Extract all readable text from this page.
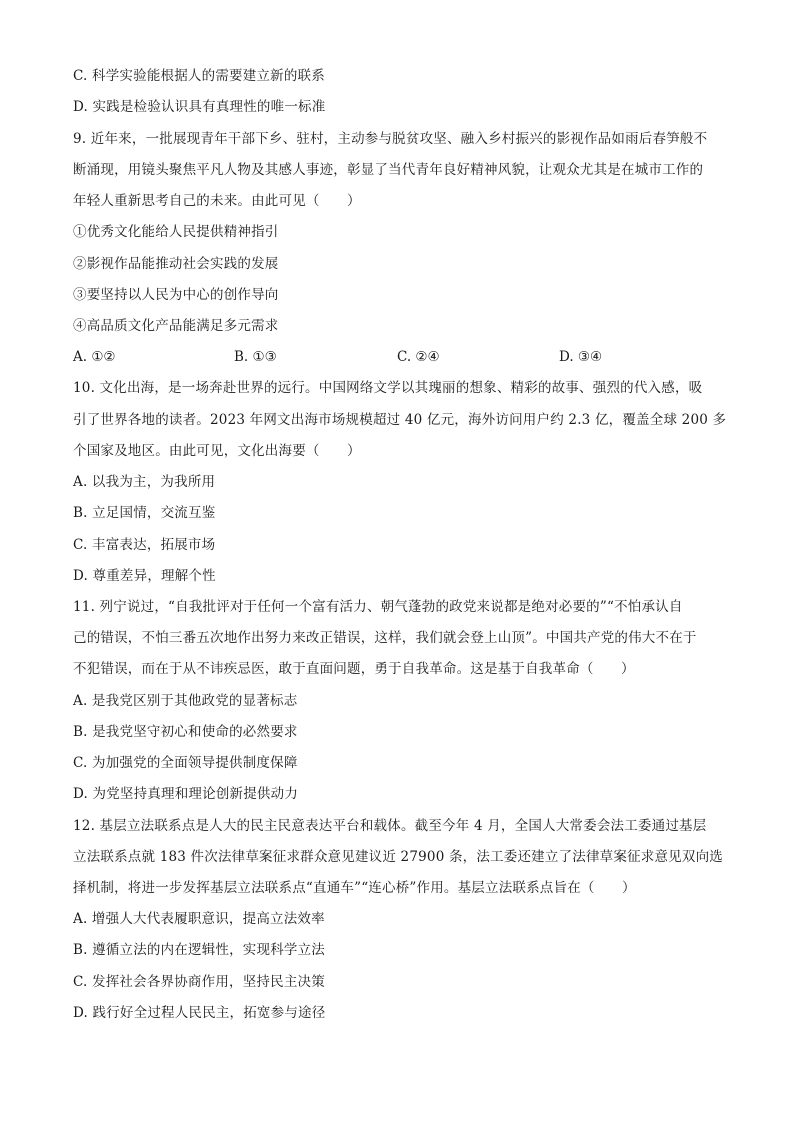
C. 科学实验能根据人的需要建立新的联系
D. 实践是检验认识具有真理性的唯一标准
9. 近年来，一批展现青年干部下乡、驻村，主动参与脱贫攻坚、融入乡村振兴的影视作品如雨后春笋般不
断涌现，用镜头聚焦平凡人物及其感人事迹，彰显了当代青年良好精神风貌，让观众尤其是在城市工作的
年轻人重新思考自己的未来。由此可见（　　）
①优秀文化能给人民提供精神指引
②影视作品能推动社会实践的发展
③要坚持以人民为中心的创作导向
④高品质文化产品能满足多元需求
A. ①②	B. ①③	C. ②④	D. ③④
10. 文化出海，是一场奔赴世界的远行。中国网络文学以其瑰丽的想象、精彩的故事、强烈的代入感，吸
引了世界各地的读者。2023 年网文出海市场规模超过 40 亿元，海外访问用户约 2.3 亿，覆盖全球 200 多
个国家及地区。由此可见，文化出海要（　　）
A. 以我为主，为我所用
B. 立足国情，交流互鉴
C. 丰富表达，拓展市场
D. 尊重差异，理解个性
11. 列宁说过，“自我批评对于任何一个富有活力、朝气蓬勃的政党来说都是绝对必要的”“不怕承认自
己的错误，不怕三番五次地作出努力来改正错误，这样，我们就会登上山顶”。中国共产党的伟大不在于
不犯错误，而在于从不讳疾忌医，敢于直面问题，勇于自我革命。这是基于自我革命（　　）
A. 是我党区别于其他政党的显著标志
B. 是我党坚守初心和使命的必然要求
C. 为加强党的全面领导提供制度保障
D. 为党坚持真理和理论创新提供动力
12. 基层立法联系点是人大的民主民意表达平台和载体。截至今年 4 月，全国人大常委会法工委通过基层
立法联系点就 183 件次法律草案征求群众意见建议近 27900 条，法工委还建立了法律草案征求意见双向选
择机制，将进一步发挥基层立法联系点“直通车”“连心桥”作用。基层立法联系点旨在（　　）
A. 增强人大代表履职意识，提高立法效率
B. 遵循立法的内在逻辑性，实现科学立法
C. 发挥社会各界协商作用，坚持民主决策
D. 践行好全过程人民民主，拓宽参与途径
